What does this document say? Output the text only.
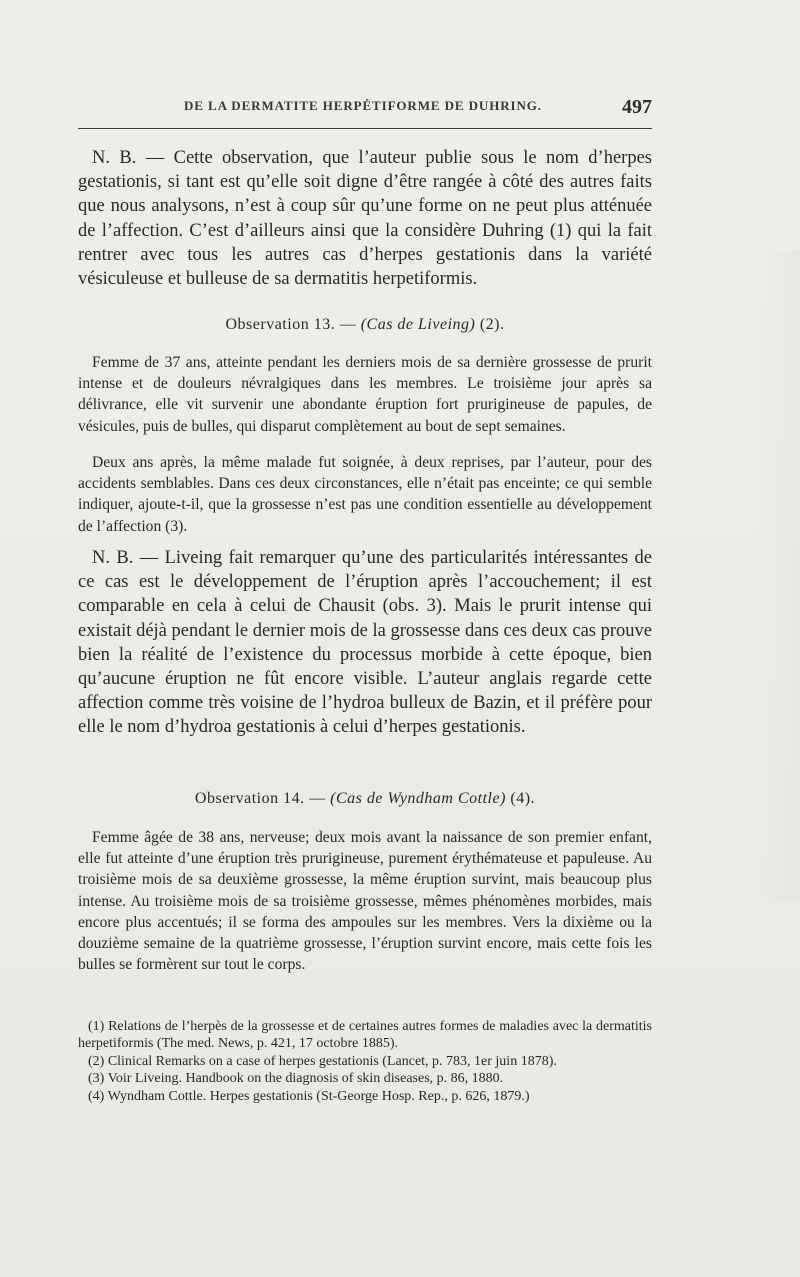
DE LA DERMATITE HERPÉTIFORME DE DUHRING.	497

N. B. — Cette observation, que l’auteur publie sous le nom d’herpes gestationis, si tant est qu’elle soit digne d’être rangée à côté des autres faits que nous analysons, n’est à coup sûr qu’une forme on ne peut plus atténuée de l’affection. C’est d’ailleurs ainsi que la considère Duhring (1) qui la fait rentrer avec tous les autres cas d’herpes gestationis dans la variété vésiculeuse et bulleuse de sa dermatitis herpetiformis.

Observation 13. — (Cas de Liveing) (2).

Femme de 37 ans, atteinte pendant les derniers mois de sa dernière grossesse de prurit intense et de douleurs névralgiques dans les membres. Le troisième jour après sa délivrance, elle vit survenir une abondante éruption fort prurigineuse de papules, de vésicules, puis de bulles, qui disparut complètement au bout de sept semaines.

Deux ans après, la même malade fut soignée, à deux reprises, par l’auteur, pour des accidents semblables. Dans ces deux circonstances, elle n’était pas enceinte; ce qui semble indiquer, ajoute-t-il, que la grossesse n’est pas une condition essentielle au développement de l’affection (3).

N. B. — Liveing fait remarquer qu’une des particularités intéressantes de ce cas est le développement de l’éruption après l’accouchement; il est comparable en cela à celui de Chausit (obs. 3). Mais le prurit intense qui existait déjà pendant le dernier mois de la grossesse dans ces deux cas prouve bien la réalité de l’existence du processus morbide à cette époque, bien qu’aucune éruption ne fût encore visible. L’auteur anglais regarde cette affection comme très voisine de l’hydroa bulleux de Bazin, et il préfère pour elle le nom d’hydroa gestationis à celui d’herpes gestationis.

Observation 14. — (Cas de Wyndham Cottle) (4).

Femme âgée de 38 ans, nerveuse; deux mois avant la naissance de son premier enfant, elle fut atteinte d’une éruption très prurigineuse, purement érythémateuse et papuleuse. Au troisième mois de sa deuxième grossesse, la même éruption survint, mais beaucoup plus intense. Au troisième mois de sa troisième grossesse, mêmes phénomènes morbides, mais encore plus accentués; il se forma des ampoules sur les membres. Vers la dixième ou la douzième semaine de la quatrième grossesse, l’éruption survint encore, mais cette fois les bulles se formèrent sur tout le corps.

(1) Relations de l’herpès de la grossesse et de certaines autres formes de maladies avec la dermatitis herpetiformis (The med. News, p. 421, 17 octobre 1885).

(2) Clinical Remarks on a case of herpes gestationis (Lancet, p. 783, 1er juin 1878).

(3) Voir Liveing. Handbook on the diagnosis of skin diseases, p. 86, 1880.

(4) Wyndham Cottle. Herpes gestationis (St-George Hosp. Rep., p. 626, 1879.)
